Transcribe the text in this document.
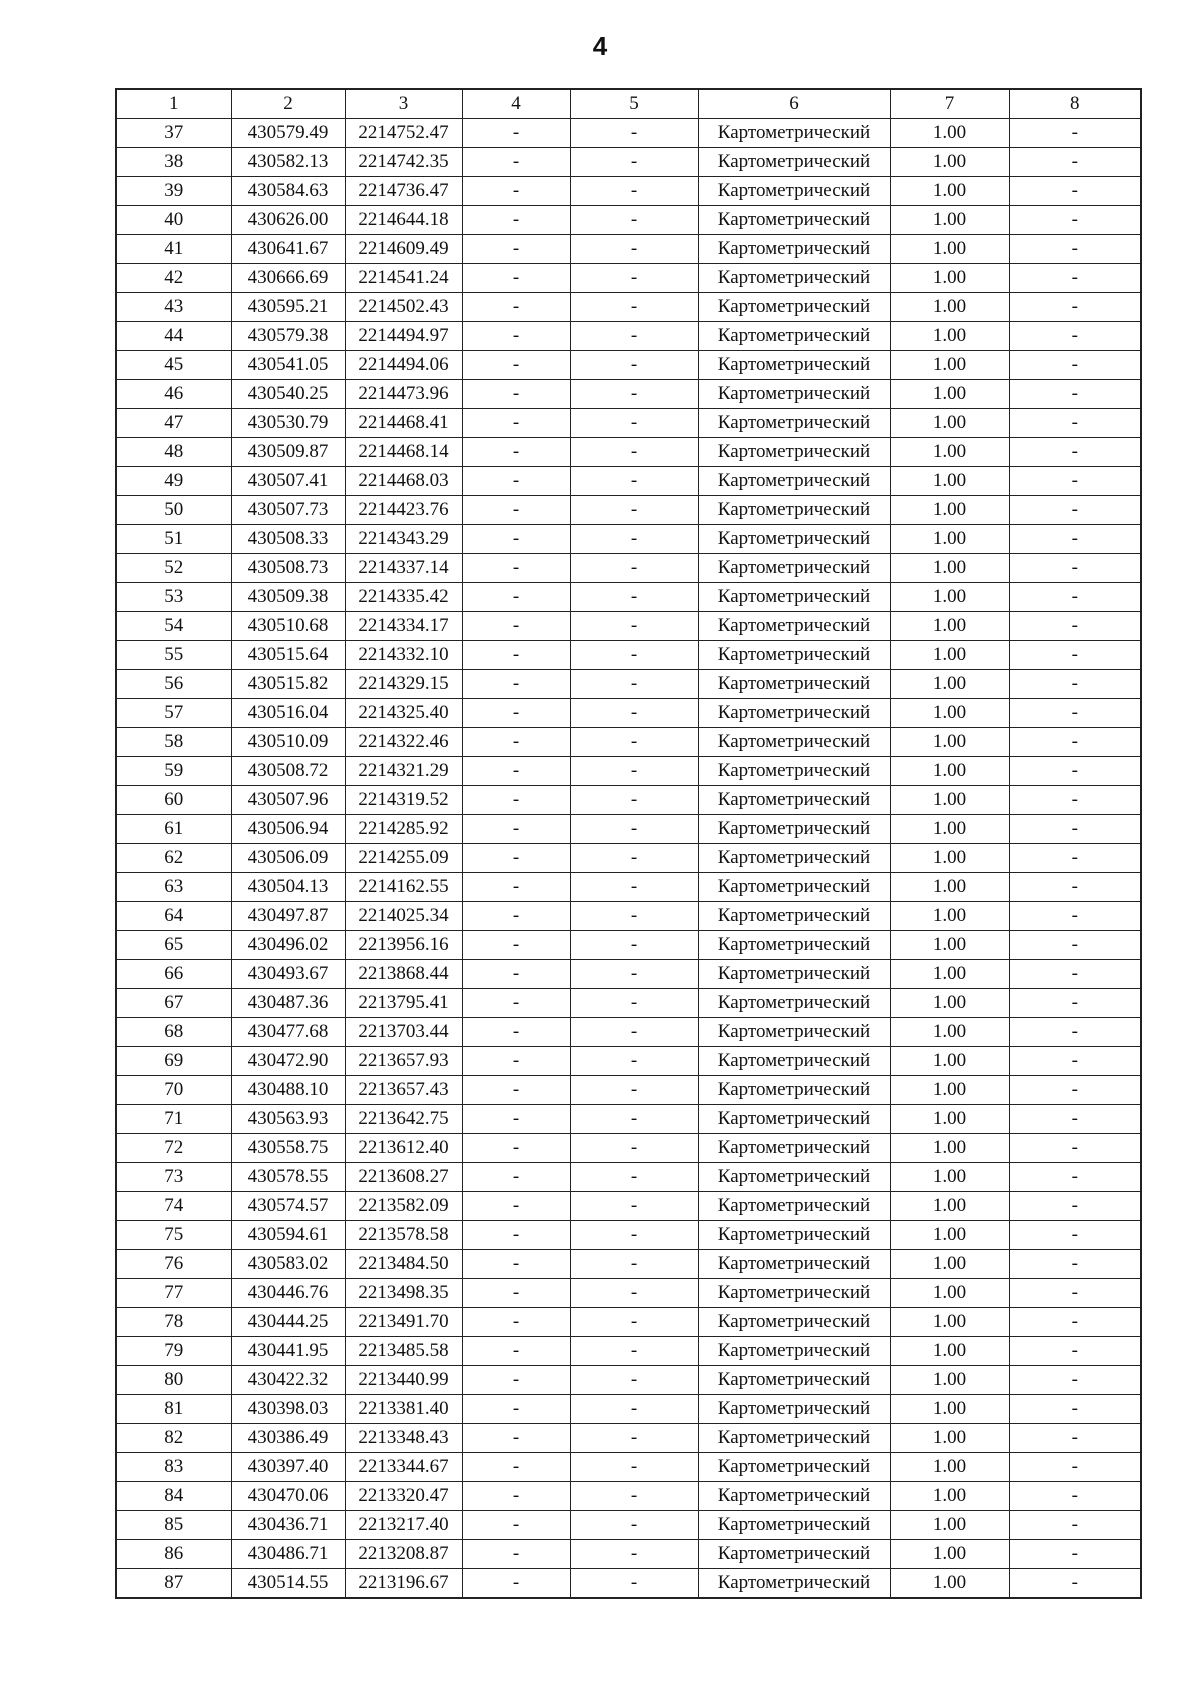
4
1	2	3	4	5	6	7	8
37	430579.49	2214752.47	-	-	Картометрический	1.00	-
38	430582.13	2214742.35	-	-	Картометрический	1.00	-
39	430584.63	2214736.47	-	-	Картометрический	1.00	-
40	430626.00	2214644.18	-	-	Картометрический	1.00	-
41	430641.67	2214609.49	-	-	Картометрический	1.00	-
42	430666.69	2214541.24	-	-	Картометрический	1.00	-
43	430595.21	2214502.43	-	-	Картометрический	1.00	-
44	430579.38	2214494.97	-	-	Картометрический	1.00	-
45	430541.05	2214494.06	-	-	Картометрический	1.00	-
46	430540.25	2214473.96	-	-	Картометрический	1.00	-
47	430530.79	2214468.41	-	-	Картометрический	1.00	-
48	430509.87	2214468.14	-	-	Картометрический	1.00	-
49	430507.41	2214468.03	-	-	Картометрический	1.00	-
50	430507.73	2214423.76	-	-	Картометрический	1.00	-
51	430508.33	2214343.29	-	-	Картометрический	1.00	-
52	430508.73	2214337.14	-	-	Картометрический	1.00	-
53	430509.38	2214335.42	-	-	Картометрический	1.00	-
54	430510.68	2214334.17	-	-	Картометрический	1.00	-
55	430515.64	2214332.10	-	-	Картометрический	1.00	-
56	430515.82	2214329.15	-	-	Картометрический	1.00	-
57	430516.04	2214325.40	-	-	Картометрический	1.00	-
58	430510.09	2214322.46	-	-	Картометрический	1.00	-
59	430508.72	2214321.29	-	-	Картометрический	1.00	-
60	430507.96	2214319.52	-	-	Картометрический	1.00	-
61	430506.94	2214285.92	-	-	Картометрический	1.00	-
62	430506.09	2214255.09	-	-	Картометрический	1.00	-
63	430504.13	2214162.55	-	-	Картометрический	1.00	-
64	430497.87	2214025.34	-	-	Картометрический	1.00	-
65	430496.02	2213956.16	-	-	Картометрический	1.00	-
66	430493.67	2213868.44	-	-	Картометрический	1.00	-
67	430487.36	2213795.41	-	-	Картометрический	1.00	-
68	430477.68	2213703.44	-	-	Картометрический	1.00	-
69	430472.90	2213657.93	-	-	Картометрический	1.00	-
70	430488.10	2213657.43	-	-	Картометрический	1.00	-
71	430563.93	2213642.75	-	-	Картометрический	1.00	-
72	430558.75	2213612.40	-	-	Картометрический	1.00	-
73	430578.55	2213608.27	-	-	Картометрический	1.00	-
74	430574.57	2213582.09	-	-	Картометрический	1.00	-
75	430594.61	2213578.58	-	-	Картометрический	1.00	-
76	430583.02	2213484.50	-	-	Картометрический	1.00	-
77	430446.76	2213498.35	-	-	Картометрический	1.00	-
78	430444.25	2213491.70	-	-	Картометрический	1.00	-
79	430441.95	2213485.58	-	-	Картометрический	1.00	-
80	430422.32	2213440.99	-	-	Картометрический	1.00	-
81	430398.03	2213381.40	-	-	Картометрический	1.00	-
82	430386.49	2213348.43	-	-	Картометрический	1.00	-
83	430397.40	2213344.67	-	-	Картометрический	1.00	-
84	430470.06	2213320.47	-	-	Картометрический	1.00	-
85	430436.71	2213217.40	-	-	Картометрический	1.00	-
86	430486.71	2213208.87	-	-	Картометрический	1.00	-
87	430514.55	2213196.67	-	-	Картометрический	1.00	-
